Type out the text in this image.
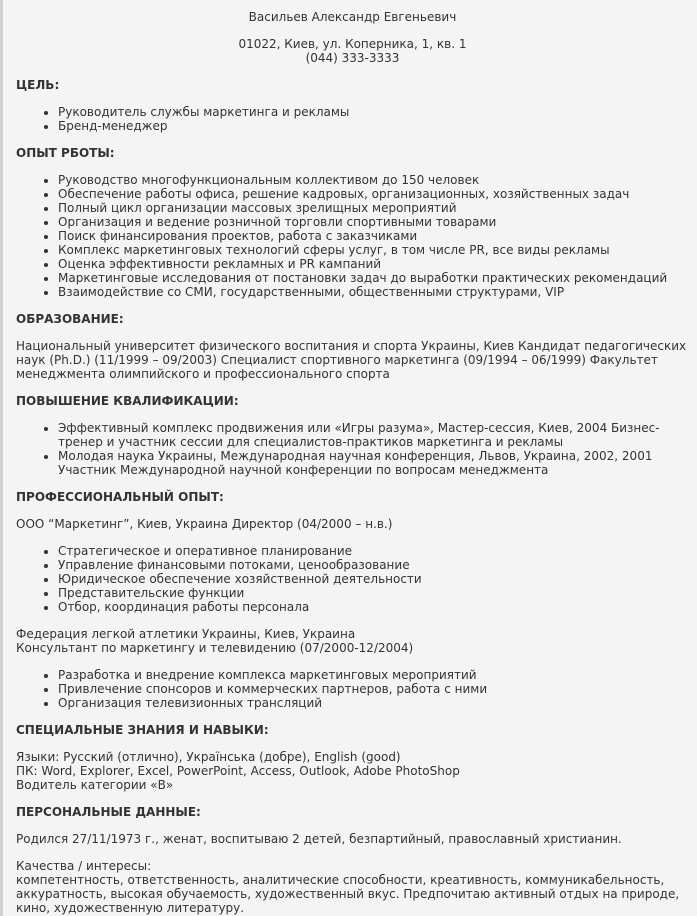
Васильев Александр Евгеньевич
01022, Киев, ул. Коперника, 1, кв. 1
(044) 333-3333
ЦЕЛЬ:
• Руководитель службы маркетинга и рекламы
• Бренд-менеджер
ОПЫТ РБОТЫ:
• Руководство многофункциональным коллективом до 150 человек
• Обеспечение работы офиса, решение кадровых, организационных, хозяйственных задач
• Полный цикл организации массовых зрелищных мероприятий
• Организация и ведение розничной торговли спортивными товарами
• Поиск финансирования проектов, работа с заказчиками
• Комплекс маркетинговых технологий сферы услуг, в том числе PR, все виды рекламы
• Оценка эффективности рекламных и PR кампаний
• Маркетинговые исследования от постановки задач до выработки практических рекомендаций
• Взаимодействие со СМИ, государственными, общественными структурами, VIP
ОБРАЗОВАНИЕ:

Национальный университет физического воспитания и спорта Украины, Киев Кандидат педагогических наук (Ph.D.) (11/1999 – 09/2003) Специалист спортивного маркетинга (09/1994 – 06/1999) Факультет менеджмента олимпийского и профессионального спорта

ПОВЫШЕНИЕ КВАЛИФИКАЦИИ:
• Эффективный комплекс продвижения или «Игры разума», Мастер-сессия, Киев, 2004 Бизнес-тренер и участник сессии для специалистов-практиков маркетинга и рекламы
• Молодая наука Украины, Международная научная конференция, Львов, Украина, 2002, 2001 Участник Международной научной конференции по вопросам менеджмента
ПРОФЕССИОНАЛЬНЫЙ ОПЫТ:

ООО “Маркетинг”, Киев, Украина Директор (04/2000 – н.в.)

• Стратегическое и оперативное планирование
• Управление финансовыми потоками, ценообразование
• Юридическое обеспечение хозяйственной деятельности
• Представительские функции
• Отбор, координация работы персонала

Федерация легкой атлетики Украины, Киев, Украина

Консультант по маркетингу и телевидению (07/2000-12/2004)

• Разработка и внедрение комплекса маркетинговых мероприятий
• Привлечение спонсоров и коммерческих партнеров, работа с ними
• Организация телевизионных трансляций
СПЕЦИАЛЬНЫЕ ЗНАНИЯ И НАВЫКИ:

Языки: Русский (отлично), Українська (добре), English (good)

ПК: Word, Explorer, Excel, PowerPoint, Access, Outlook, Adobe PhotoShop

Водитель категории «В»

ПЕРСОНАЛЬНЫЕ ДАННЫЕ:

Родился 27/11/1973 г., женат, воспитываю 2 детей, безпартийный, православный христианин.

Качества / интересы:

компетентность, ответственность, аналитические способности, креативность, коммуникабельность, аккуратность, высокая обучаемость, художественный вкус. Предпочитаю активный отдых на природе, кино, художественную литературу.
